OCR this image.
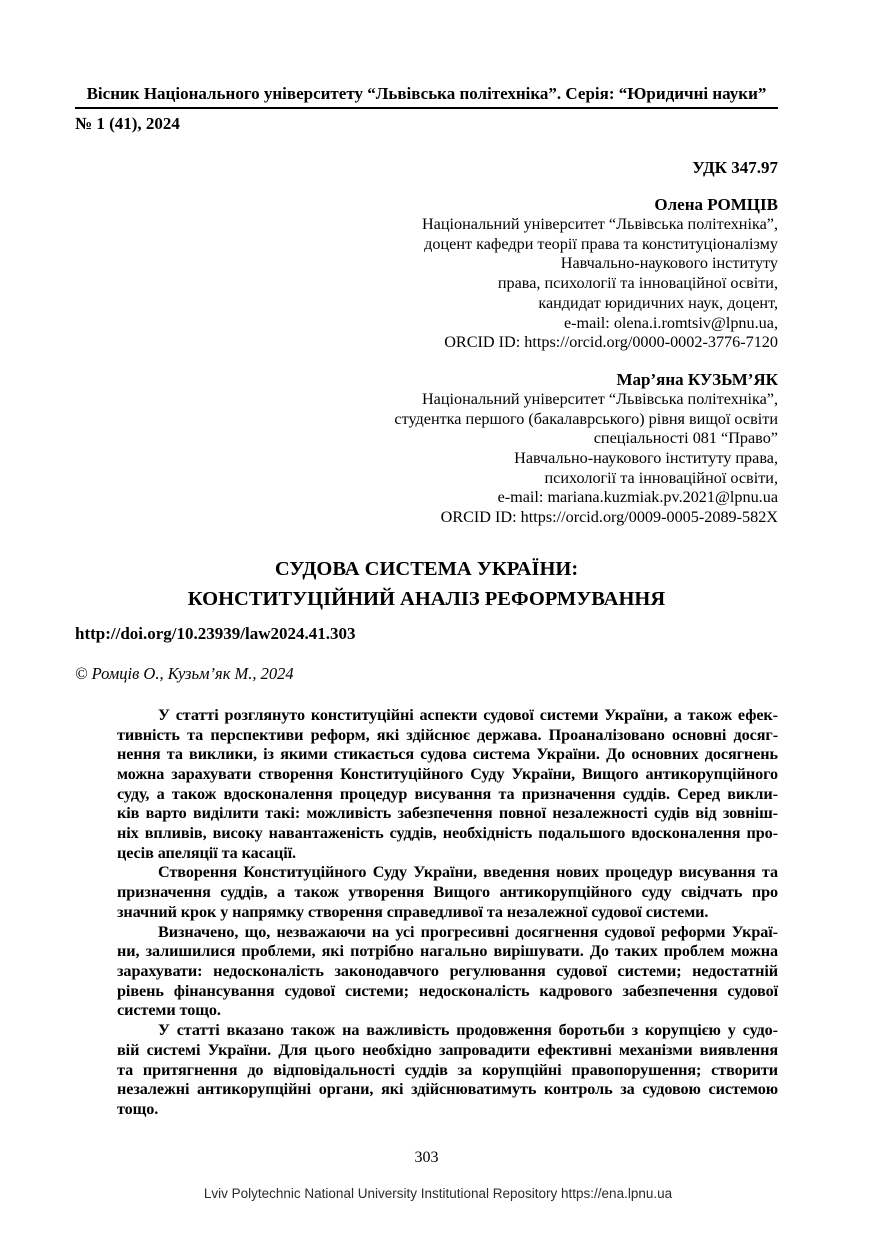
Вісник Національного університету “Львівська політехніка”. Серія: “Юридичні науки”
№ 1 (41), 2024
УДК 347.97
Олена РОМЦІВ
Національний університет “Львівська політехніка”,
доцент кафедри теорії права та конституціоналізму
Навчально-наукового інституту
права, психології та інноваційної освіти,
кандидат юридичних наук, доцент,
e-mail: olena.i.romtsiv@lpnu.ua,
ORCID ID: https://orcid.org/0000-0002-3776-7120
Мар’яна КУЗЬМ’ЯК
Національний університет “Львівська політехніка”,
студентка першого (бакалаврського) рівня вищої освіти
спеціальності 081 “Право”
Навчально-наукового інституту права,
психології та інноваційної освіти,
e-mail: mariana.kuzmiak.pv.2021@lpnu.ua
ORCID ID: https://orcid.org/0009-0005-2089-582X
СУДОВА СИСТЕМА УКРАЇНИ:
КОНСТИТУЦІЙНИЙ АНАЛІЗ РЕФОРМУВАННЯ
http://doi.org/10.23939/law2024.41.303
© Ромців О., Кузьм’як М., 2024

У статті розглянуто конституційні аспекти судової системи України, а також ефек-

тивність та перспективи реформ, які здійснює держава. Проаналізовано основні досяг-

нення та виклики, із якими стикається судова система України. До основних досягнень

можна зарахувати створення Конституційного Суду України, Вищого антикорупційного

суду, а також вдосконалення процедур висування та призначення суддів. Серед викли-

ків варто виділити такі: можливість забезпечення повної незалежності судів від зовніш-

ніх впливів, високу навантаженість суддів, необхідність подальшого вдосконалення про-

цесів апеляції та касації.

Створення Конституційного Суду України, введення нових процедур висування та

призначення суддів, а також утворення Вищого антикорупційного суду свідчать про

значний крок у напрямку створення справедливої та незалежної судової системи.

Визначено, що, незважаючи на усі прогресивні досягнення судової реформи Украї-

ни, залишилися проблеми, які потрібно нагально вирішувати. До таких проблем можна

зарахувати: недосконалість законодавчого регулювання судової системи; недостатній

рівень фінансування судової системи; недосконалість кадрового забезпечення судової

системи тощо.

У статті вказано також на важливість продовження боротьби з корупцією у судо-

вій системі України. Для цього необхідно запровадити ефективні механізми виявлення

та притягнення до відповідальності суддів за корупційні правопорушення; створити

незалежні антикорупційні органи, які здійснюватимуть контроль за судовою системою

тощо.

303
Lviv Polytechnic National University Institutional Repository https://ena.lpnu.ua
